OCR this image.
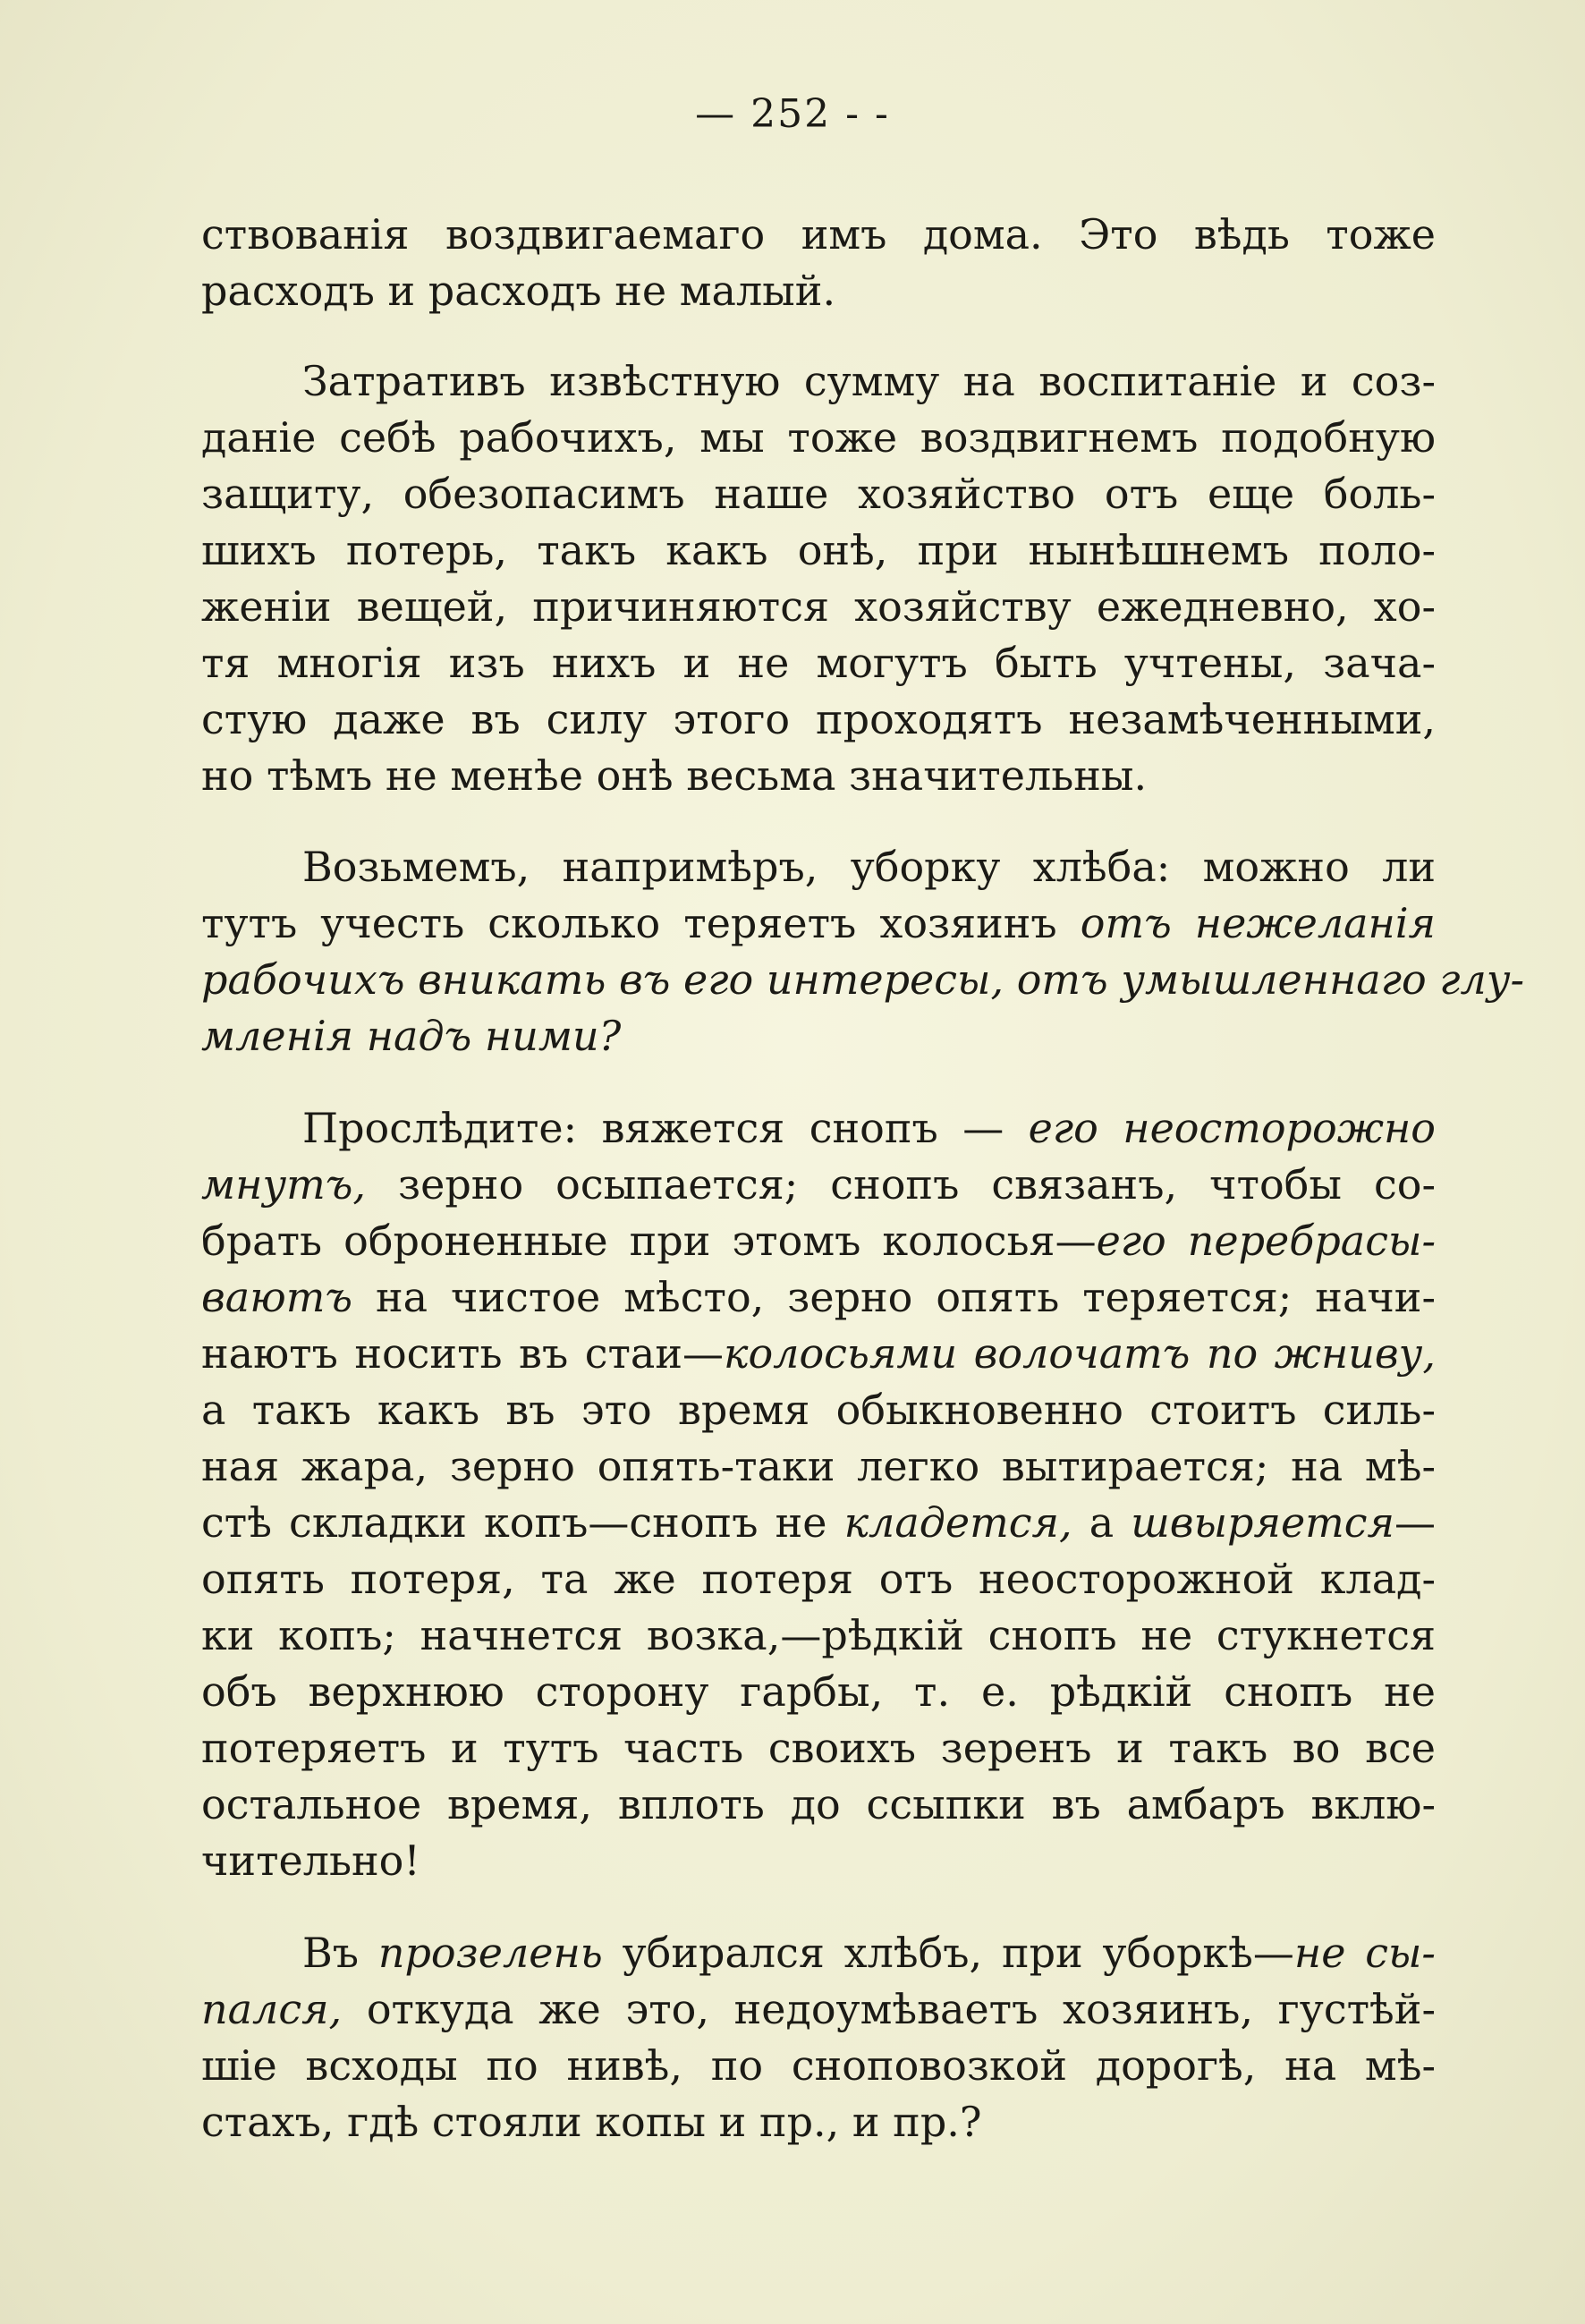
— 252 - -
ствованія воздвигаемаго имъ дома. Это вѣдь тоже
расходъ и расходъ не малый.
Затративъ извѣстную сумму на воспитаніе и соз-
даніе себѣ рабочихъ, мы тоже воздвигнемъ подобную
защиту, обезопасимъ наше хозяйство отъ еще боль-
шихъ потерь, такъ какъ онѣ, при нынѣшнемъ поло-
женіи вещей, причиняются хозяйству ежедневно, хо-
тя многія изъ нихъ и не могутъ быть учтены, зача-
стую даже въ силу этого проходятъ незамѣченными,
но тѣмъ не менѣе онѣ весьма значительны.
Возьмемъ, напримѣръ, уборку хлѣба: можно ли
тутъ учесть сколько теряетъ хозяинъ отъ нежеланія
рабочихъ вникать въ его интересы, отъ умышленнаго глу-
мленія надъ ними?
Прослѣдите: вяжется снопъ — его неосторожно
мнутъ, зерно осыпается; снопъ связанъ, чтобы со-
брать оброненные при этомъ колосья—его перебрасы-
ваютъ на чистое мѣсто, зерно опять теряется; начи-
наютъ носить въ стаи—колосьями волочатъ по жниву,
а такъ какъ въ это время обыкновенно стоитъ силь-
ная жара, зерно опять-таки легко вытирается; на мѣ-
стѣ складки копъ—снопъ не кладется, а швыряется—
опять потеря, та же потеря отъ неосторожной клад-
ки копъ; начнется возка,—рѣдкій снопъ не стукнется
объ верхнюю сторону гарбы, т. е. рѣдкій снопъ не
потеряетъ и тутъ часть своихъ зеренъ и такъ во все
остальное время, вплоть до ссыпки въ амбаръ вклю-
чительно!
Въ прозелень убирался хлѣбъ, при уборкѣ—не сы-
пался, откуда же это, недоумѣваетъ хозяинъ, густѣй-
шіе всходы по нивѣ, по снoповозкой дорогѣ, на мѣ-
стахъ, гдѣ стояли копы и пр., и пр.?
